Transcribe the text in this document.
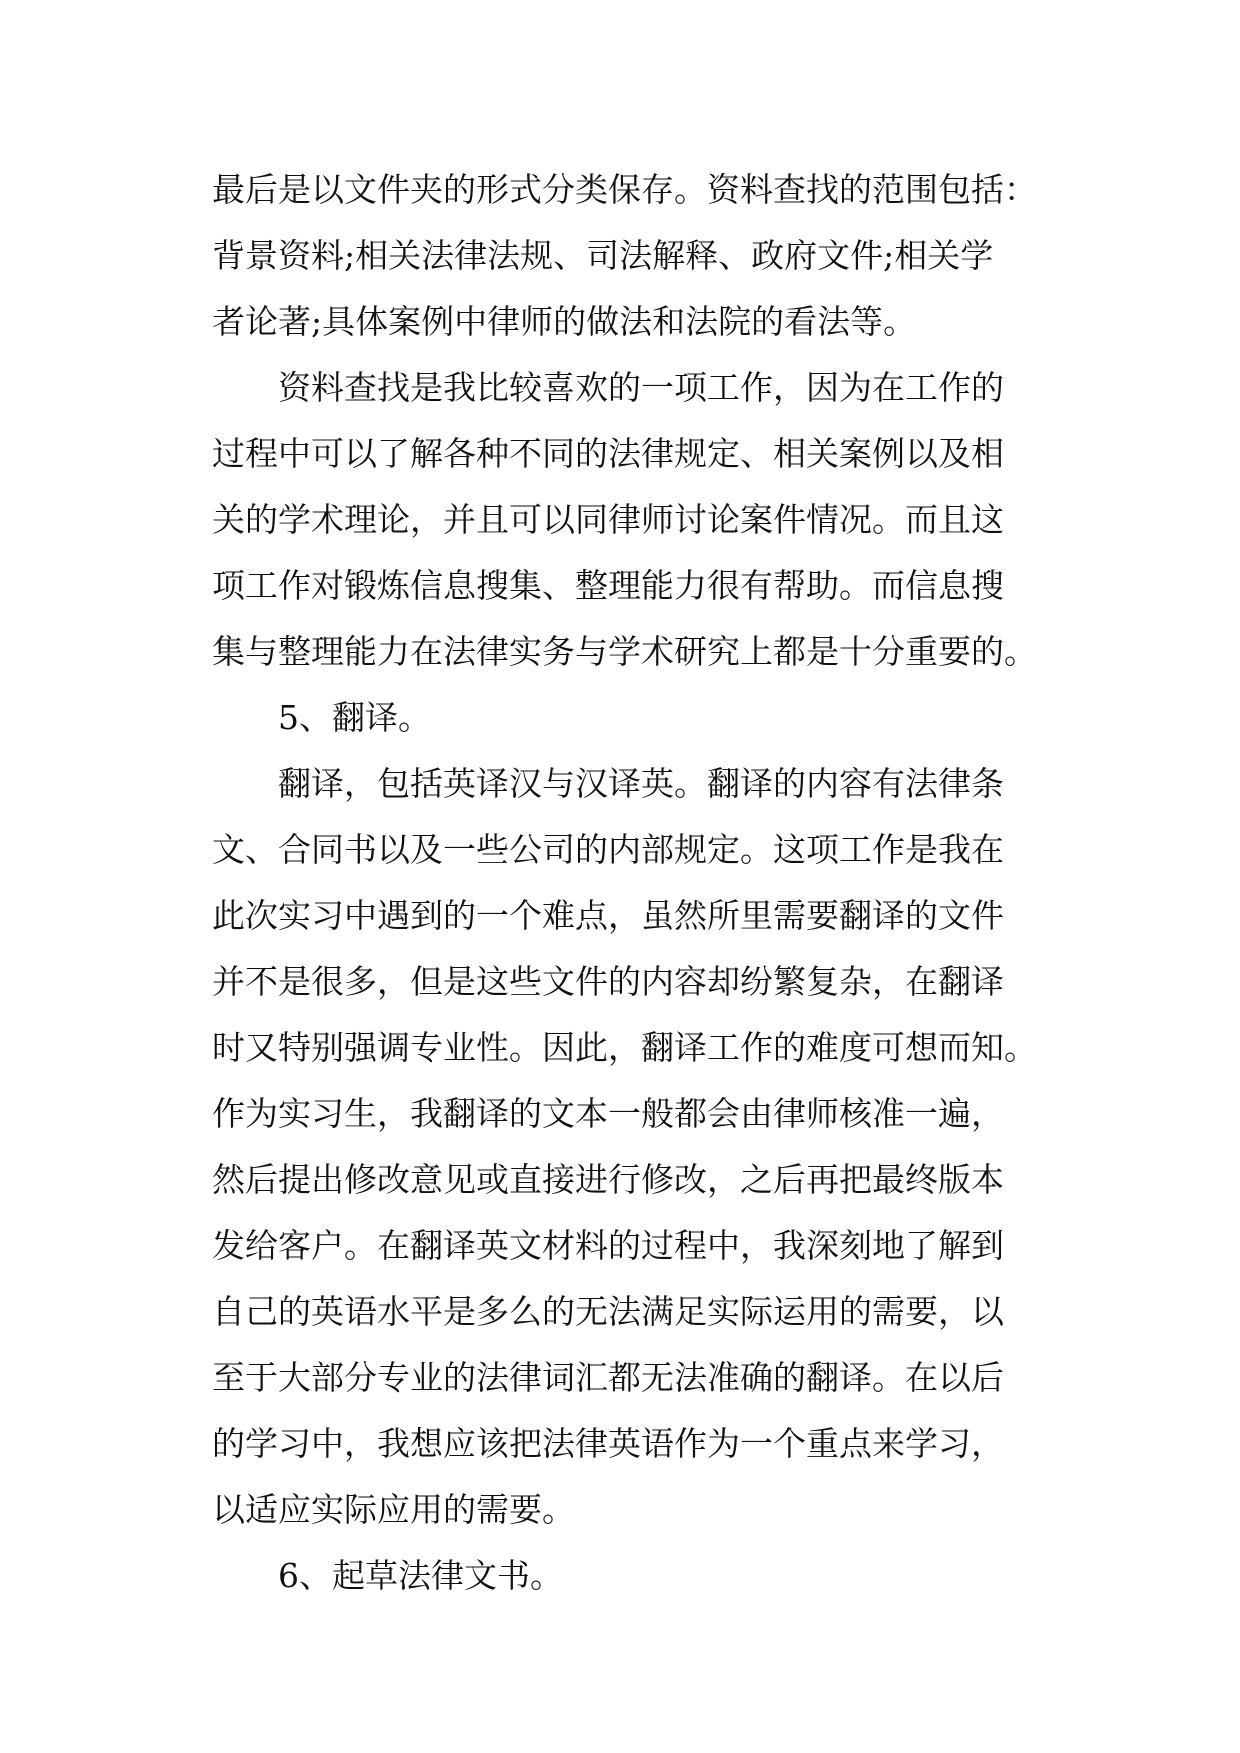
最后是以文件夹的形式分类保存。资料查找的范围包括：
背景资料;相关法律法规、司法解释、政府文件;相关学
者论著;具体案例中律师的做法和法院的看法等。
资料查找是我比较喜欢的一项工作，因为在工作的
过程中可以了解各种不同的法律规定、相关案例以及相
关的学术理论，并且可以同律师讨论案件情况。而且这
项工作对锻炼信息搜集、整理能力很有帮助。而信息搜
集与整理能力在法律实务与学术研究上都是十分重要的。
5、翻译。
翻译，包括英译汉与汉译英。翻译的内容有法律条
文、合同书以及一些公司的内部规定。这项工作是我在
此次实习中遇到的一个难点，虽然所里需要翻译的文件
并不是很多，但是这些文件的内容却纷繁复杂，在翻译
时又特别强调专业性。因此，翻译工作的难度可想而知。
作为实习生，我翻译的文本一般都会由律师核准一遍，
然后提出修改意见或直接进行修改，之后再把最终版本
发给客户。在翻译英文材料的过程中，我深刻地了解到
自己的英语水平是多么的无法满足实际运用的需要，以
至于大部分专业的法律词汇都无法准确的翻译。在以后
的学习中，我想应该把法律英语作为一个重点来学习，
以适应实际应用的需要。
6、起草法律文书。
